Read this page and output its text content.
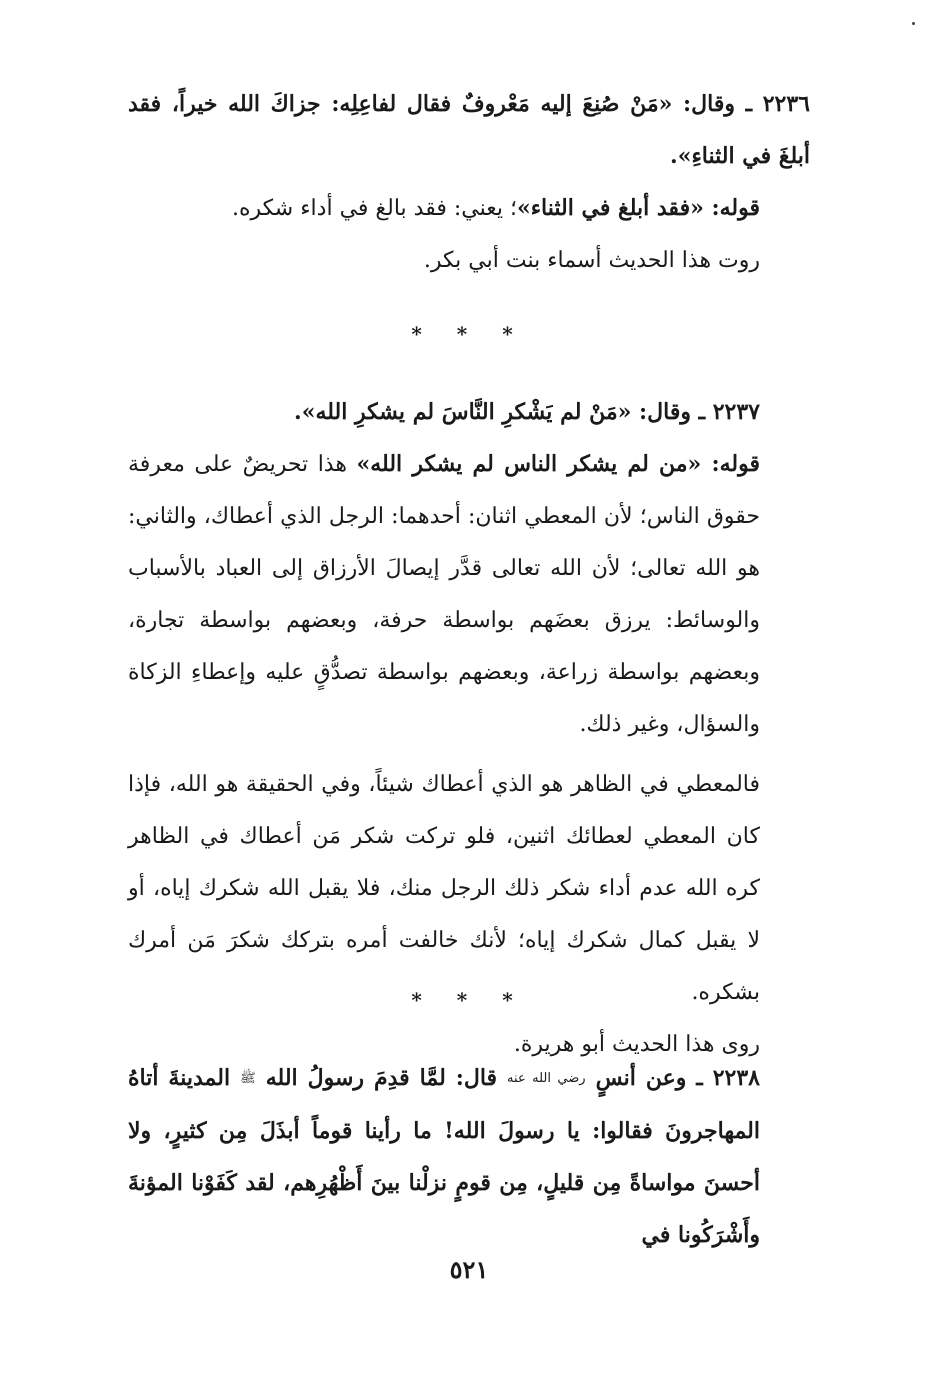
٢٢٣٦ ـ وقال: «مَنْ صُنِعَ إليه مَعْروفٌ فقال لفاعِلِه: جزاكَ الله خيراً، فقد أبلغَ في الثناءِ».

قوله: «فقد أبلغ في الثناء»؛ يعني: فقد بالغ في أداء شكره.

روت هذا الحديث أسماء بنت أبي بكر.

* * *

٢٢٣٧ ـ وقال: «مَنْ لم يَشْكرِ النَّاسَ لم يشكرِ الله».

قوله: «من لم يشكر الناس لم يشكر الله» هذا تحريضٌ على معرفة حقوق الناس؛ لأن المعطي اثنان: أحدهما: الرجل الذي أعطاك، والثاني: هو الله تعالى؛ لأن الله تعالى قدَّر إيصالَ الأرزاق إلى العباد بالأسباب والوسائط: يرزق بعضَهم بواسطة حرفة، وبعضهم بواسطة تجارة، وبعضهم بواسطة زراعة، وبعضهم بواسطة تصدُّقٍ عليه وإعطاءِ الزكاة والسؤال، وغير ذلك.

فالمعطي في الظاهر هو الذي أعطاك شيئاً، وفي الحقيقة هو الله، فإذا كان المعطي لعطائك اثنين، فلو تركت شكر مَن أعطاك في الظاهر كره الله عدم أداء شكر ذلك الرجل منك، فلا يقبل الله شكرك إياه، أو لا يقبل كمال شكرك إياه؛ لأنك خالفت أمره بتركك شكرَ مَن أمرك بشكره.

روى هذا الحديث أبو هريرة.

* * *

٢٢٣٨ ـ وعن أنسٍ رضي الله عنه قال: لمَّا قدِمَ رسولُ الله ﷺ المدينةَ أتاهُ المهاجرونَ فقالوا: يا رسولَ الله! ما رأينا قوماً أبذَلَ مِن كثيرٍ، ولا أحسنَ مواساةً مِن قليلٍ، مِن قومٍ نزلْنا بينَ أَظْهُرِهم، لقد كَفَوْنا المؤنةَ وأَشْرَكُونا في

٥٢١
